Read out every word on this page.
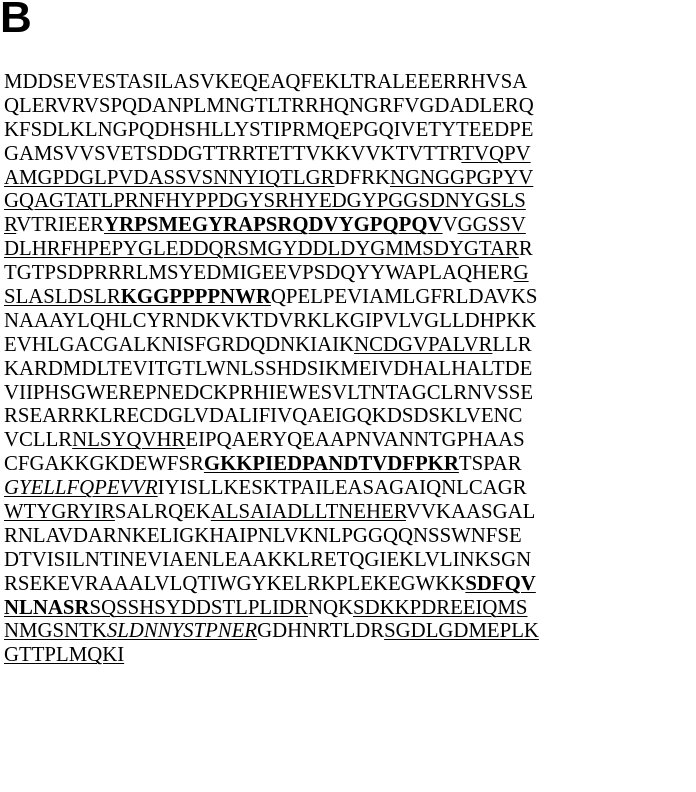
B
MDDSEVESTASILASVKEQEAQFEKLTRALEEERRHVSA
QLERVRVSPQDANPLMNGTLTRRHQNGRFVGDADLERQ
KFSDLKLNGPQDHSHLLYSTIPRMQEPGQIVETYTEEDPE
GAMSVVSVETSDDGTTRRTETTVKKVVKTVTTRTVQPV
AMGPDGLPVDASSVSNNYIQTLGRDFRKNGNGGPGPYV
GQAGTATLPRNFHYPPDGYSRHYEDGYPGGSDNYGSLS
RVTRIEERYRPSMEGYRAPSRQDVYGPQPQVVGGSSV
DLHRFHPEPYGLEDDQRSMGYDDLDYGMMSDYGTARR
TGTPSDPRRRLMSYEDMIGEEVPSDQYYWAPLAQHERG
SLASLDSLRKGGPPPPNWRQPELPEVIAMLGFRLDAVKS
NAAAYLQHLCYRNDKVKTDVRKLKGIPVLVGLLDHPKK
EVHLGACGALKNISFGRDQDNKIAIKNCDGVPALVRLLR
KARDMDLTEVITGTLWNLSSHDSIKMEIVDHALHALTDE
VIIPHSGWEREPNEDCKPRHIEWESVLTNTAGCLRNVSSE
RSEARRKLRECDGLVDALIFIVQAEIGQKDSDSKLVENC
VCLLRNLSYQVHREIPQAERYQEAAPNVANNTGPHAAS
CFGAKKGKDEWFSRGKKPIEDPANDTVDFPKRTSPAR
GYELLFQPEVVRIYISLLKESKTPAILEASAGAIQNLCAGR
WTYGRYIRSALRQEKALSAIADLLTNEHERVVKAASGAL
RNLAVDARNKELIGKHAIPNLVKNLPGGQQNSSWNFSE
DTVISILNTINEVIAENLEAAKKLRETQGIEKLVLINKSGN
RSEKEVRAAALVLQTIWGYKELRKPLEKEGWKKSDFQV
NLNASRSQSSHSYDDSTLPLIDRNQKSDKKPDREEIQMS
NMGSNTKSLDNNYSTPNERGDHNRTLDRSGDLGDMEPLK
GTTPLMQKI
